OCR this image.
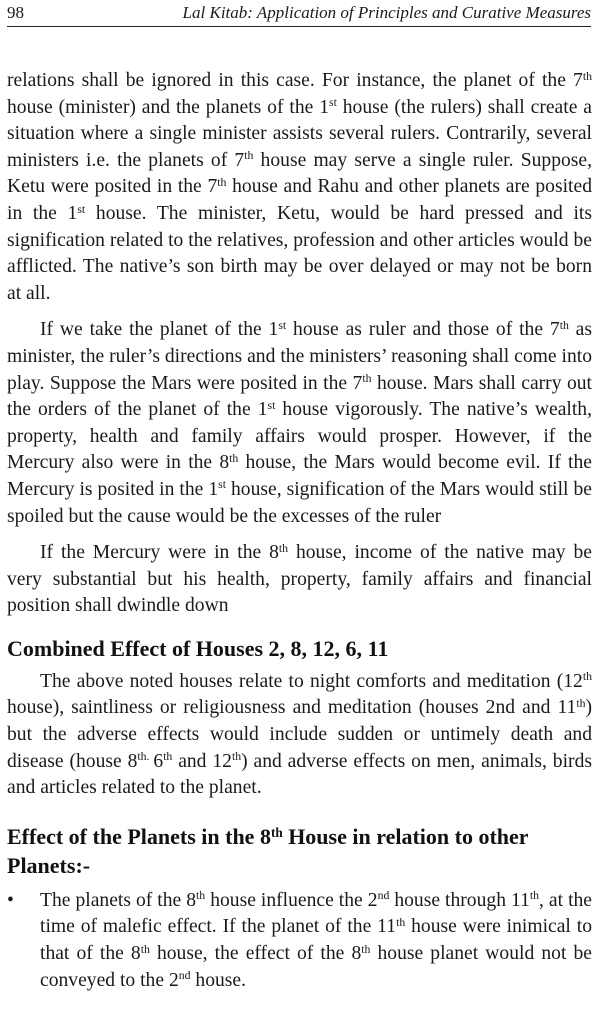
98	Lal Kitab: Application of Principles and Curative Measures

relations shall be ignored in this case. For instance, the planet of the 7th house (minister) and the planets of the 1st house (the rulers) shall create a situation where a single minister assists several rulers. Contrarily, several ministers i.e. the planets of 7th house may serve a single ruler. Suppose, Ketu were posited in the 7th house and Rahu and other planets are posited in the 1st house. The minister, Ketu, would be hard pressed and its signification related to the relatives, profession and other articles would be afflicted. The native’s son birth may be over delayed or may not be born at all.

If we take the planet of the 1st house as ruler and those of the 7th as minister, the ruler’s directions and the ministers’ reasoning shall come into play. Suppose the Mars were posited in the 7th house. Mars shall carry out the orders of the planet of the 1st house vigorously. The native’s wealth, property, health and family affairs would prosper. However, if the Mercury also were in the 8th house, the Mars would become evil. If the Mercury is posited in the 1st house, signification of the Mars would still be spoiled but the cause would be the excesses of the ruler

If the Mercury were in the 8th house, income of the native may be very substantial but his health, property, family affairs and financial position shall dwindle down

Combined Effect of Houses 2, 8, 12, 6, 11

The above noted houses relate to night comforts and meditation (12th house), saintliness or religiousness and meditation (houses 2nd and 11th) but the adverse effects would include sudden or untimely death and disease (house $8^{th.}$ 6th and 12th) and adverse effects on men, animals, birds and articles related to the planet.

Effect of the Planets in the 8th House in relation to other Planets:-
• The planets of the 8th house influence the 2nd house through 11th, at the time of malefic effect. If the planet of the 11th house were inimical to that of the 8th house, the effect of the 8th house planet would not be conveyed to the 2nd house.
